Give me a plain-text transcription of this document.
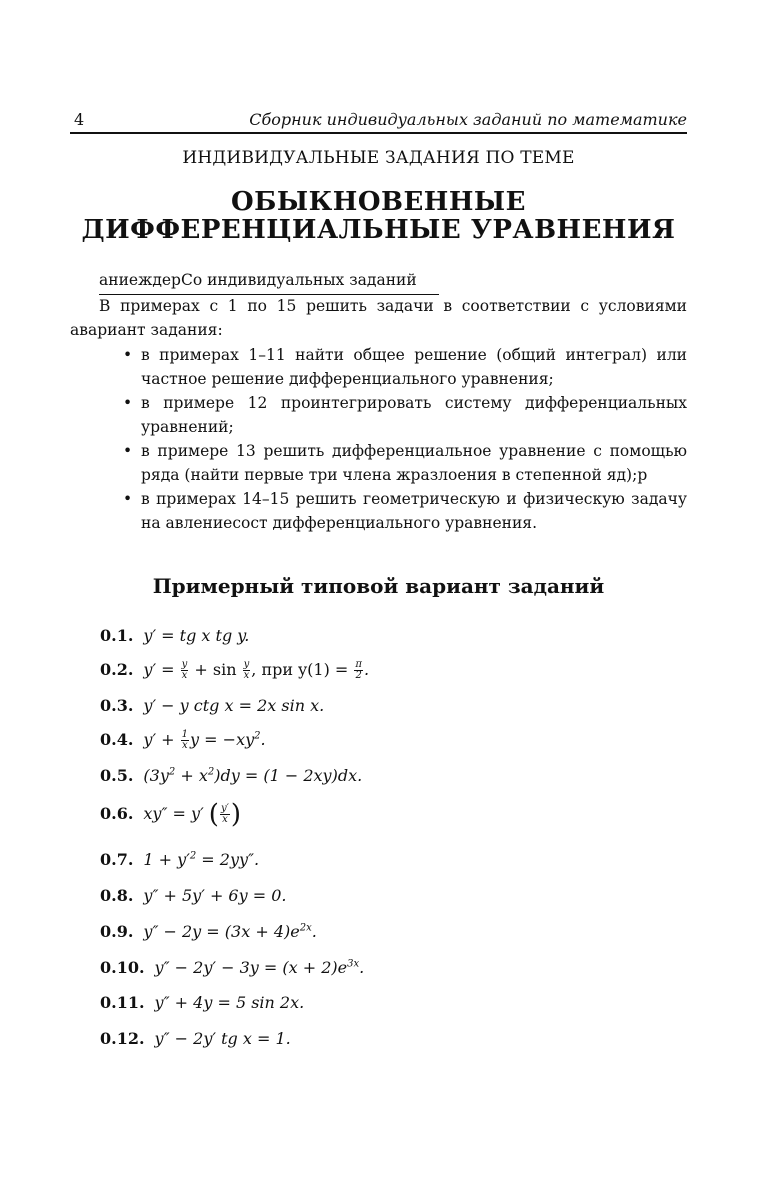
4	Сборник индивидуальных заданий по математике
ИНДИВИДУАЛЬНЫЕ ЗАДАНИЯ ПО ТЕМЕ
ОБЫКНОВЕННЫЕ
ДИФФЕРЕНЦИАЛЬНЫЕ УРАВНЕНИЯ
аниеждерСо индивидуальных заданий
В примерах с 1 по 15 решить задачи в соответствии с условиями
авариант задания:
• в примерах 1–11 найти общее решение (общий интеграл) или частное решение дифференциального уравнения;
• в примере 12 проинтегрировать систему дифференциальных уравнений;
• в примере 13 решить дифференциальное уравнение с помощью ряда (найти первые три члена жразлоения в степенной яд);р
• в примерах 14–15 решить геометрическую и физическую задачу на авлениесост дифференциального уравнения.
Примерный типовой вариант заданий
0.1. y′ = tg x tg y.
0.2. $y' = \frac{y}{x} + \sin \frac{y}{x}$ , при $y(1) = \frac{\pi}{2}$ .
0.3. y′ − y ctg x = 2x sin x.
0.4. $y' + \frac{1}{x}$ $y = -xy^2$.
0.5. $(3y^2 + x^2)dy = (1 - 2xy)dx$.
0.6. xy″ = y′ ( $\frac{y'}{x}$ )
0.7. $1 + y'^2 = 2yy''$.
0.8. y″ + 5y′ + 6y = 0.
0.9. $y'' - 2y = (3x + 4)e^{2x}$.
0.10. $y'' - 2y' - 3y = (x + 2)e^{3x}$.
0.11. y″ + 4y = 5 sin 2x.
0.12. y″ − 2y′ tg x = 1.
